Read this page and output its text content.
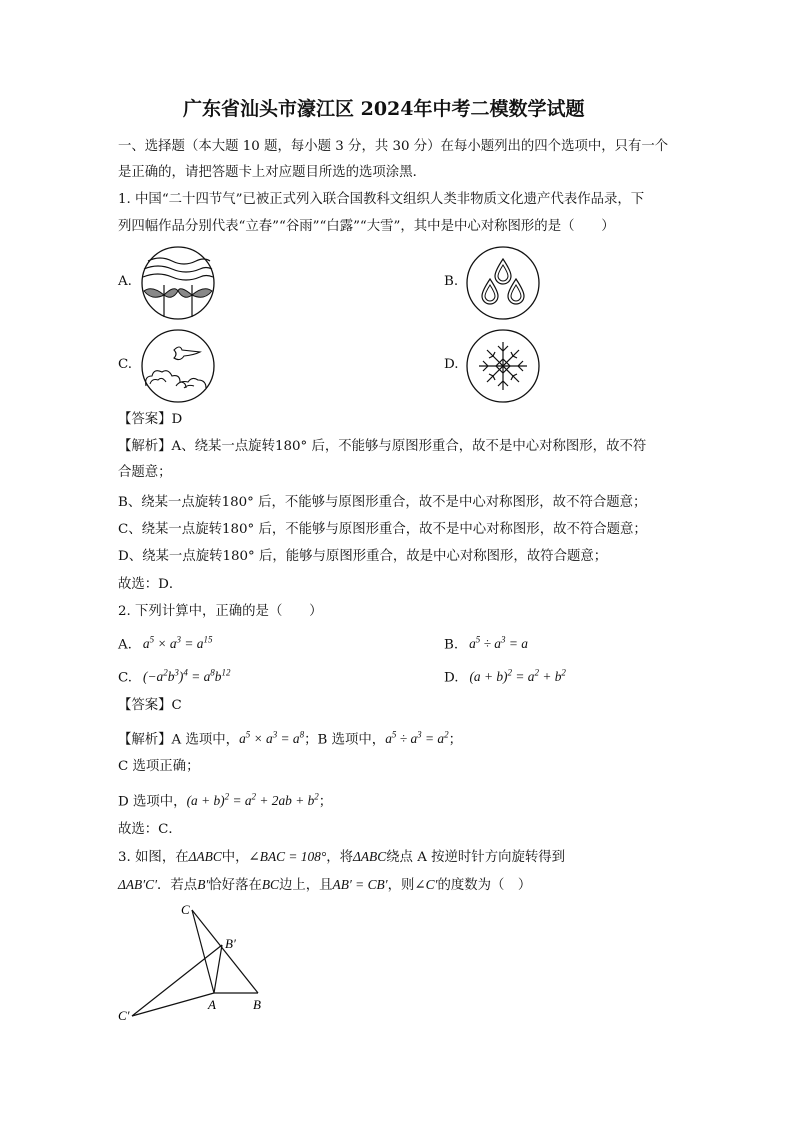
广东省汕头市濠江区 2024年中考二模数学试题
一、选择题（本大题 10 题，每小题 3 分，共 30 分）在每小题列出的四个选项中，只有一个
是正确的，请把答题卡上对应题目所选的选项涂黑．
1. 中国“二十四节气”已被正式列入联合国教科文组织人类非物质文化遗产代表作品录，下
列四幅作品分别代表“立春”“谷雨”“白露”“大雪”，其中是中心对称图形的是（　　）
A.	B.
C.	D.
【答案】D
【解析】A、绕某一点旋转180° 后，不能够与原图形重合，故不是中心对称图形，故不符
合题意；
B、绕某一点旋转180° 后，不能够与原图形重合，故不是中心对称图形，故不符合题意；
C、绕某一点旋转180° 后，不能够与原图形重合，故不是中心对称图形，故不符合题意；
D、绕某一点旋转180° 后，能够与原图形重合，故是中心对称图形，故符合题意；
故选：D．
2. 下列计算中，正确的是（　　）
A.   $a^5 \times a^3 = a^{15}$	B.   $a^5 \div a^3 = a$
C.   $(-a^2b^3)^4 = a^8b^{12}$	D.   $(a + b)^2 = a^2 + b^2$
【答案】C
【解析】A 选项中，$a^5 \times a^3 = a^8$；B 选项中，$a^5 \div a^3 = a^2$；
C 选项正确；
D 选项中，$(a + b)^2 = a^2 + 2ab + b^2$；
故选：C．
3. 如图，在ΔABC中，∠BAC = 108°，将ΔABC绕点 A 按逆时针方向旋转得到
ΔAB′C′．若点B′恰好落在BC边上，且AB′ = CB′，则∠C′的度数为（　）
C
B′
A	B
C′
